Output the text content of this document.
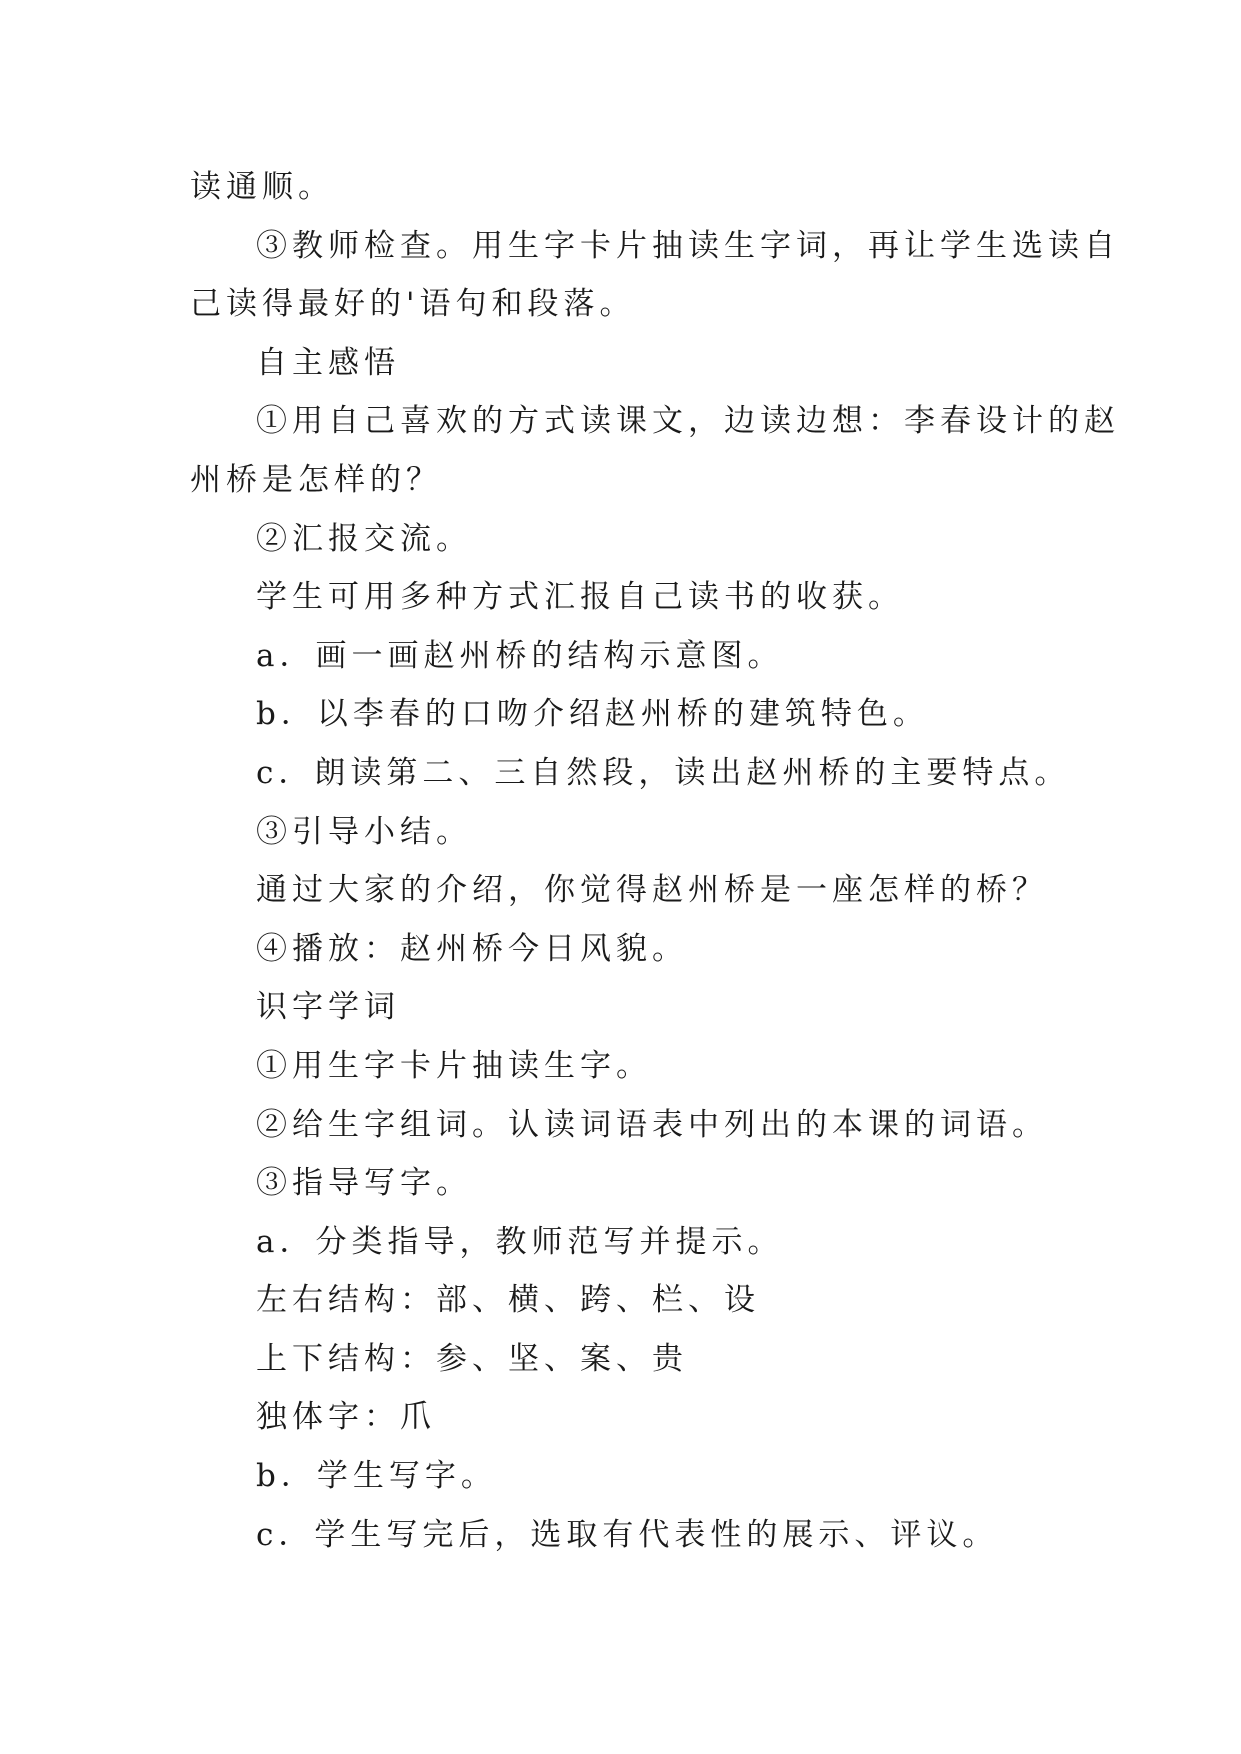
读通顺。
③教师检查。用生字卡片抽读生字词，再让学生选读自
己读得最好的'语句和段落。
自主感悟
①用自己喜欢的方式读课文，边读边想：李春设计的赵
州桥是怎样的？
②汇报交流。
学生可用多种方式汇报自己读书的收获。
a．画一画赵州桥的结构示意图。
b．以李春的口吻介绍赵州桥的建筑特色。
c．朗读第二、三自然段，读出赵州桥的主要特点。
③引导小结。
通过大家的介绍，你觉得赵州桥是一座怎样的桥？
④播放：赵州桥今日风貌。
识字学词
①用生字卡片抽读生字。
②给生字组词。认读词语表中列出的本课的词语。
③指导写字。
a．分类指导，教师范写并提示。
左右结构：部、横、跨、栏、设
上下结构：参、坚、案、贵
独体字：爪
b．学生写字。
c．学生写完后，选取有代表性的展示、评议。
